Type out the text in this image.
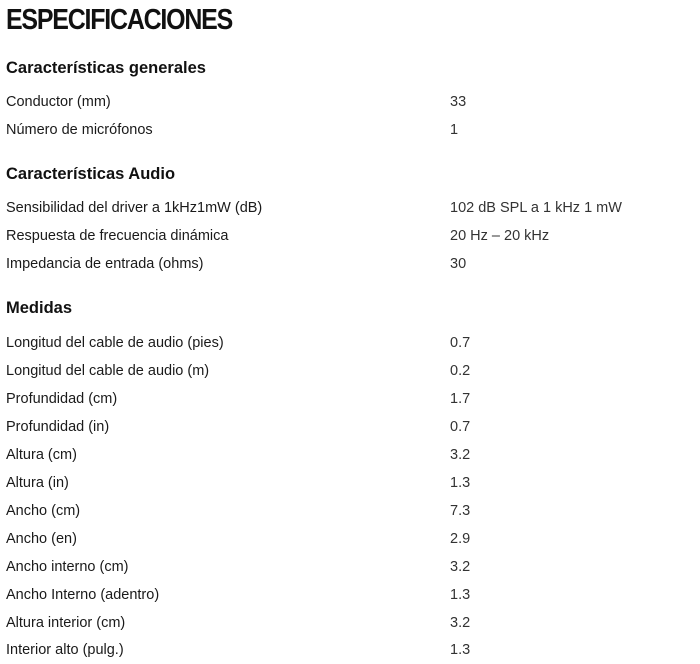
ESPECIFICACIONES
Características generales
Conductor (mm)	33
Número de micrófonos	1
Características Audio
Sensibilidad del driver a 1kHz1mW (dB)	102 dB SPL a 1 kHz 1 mW
Respuesta de frecuencia dinámica	20 Hz – 20 kHz
Impedancia de entrada (ohms)	30
Medidas
Longitud del cable de audio (pies)	0.7
Longitud del cable de audio (m)	0.2
Profundidad (cm)	1.7
Profundidad (in)	0.7
Altura (cm)	3.2
Altura (in)	1.3
Ancho (cm)	7.3
Ancho (en)	2.9
Ancho interno (cm)	3.2
Ancho Interno (adentro)	1.3
Altura interior (cm)	3.2
Interior alto (pulg.)	1.3
